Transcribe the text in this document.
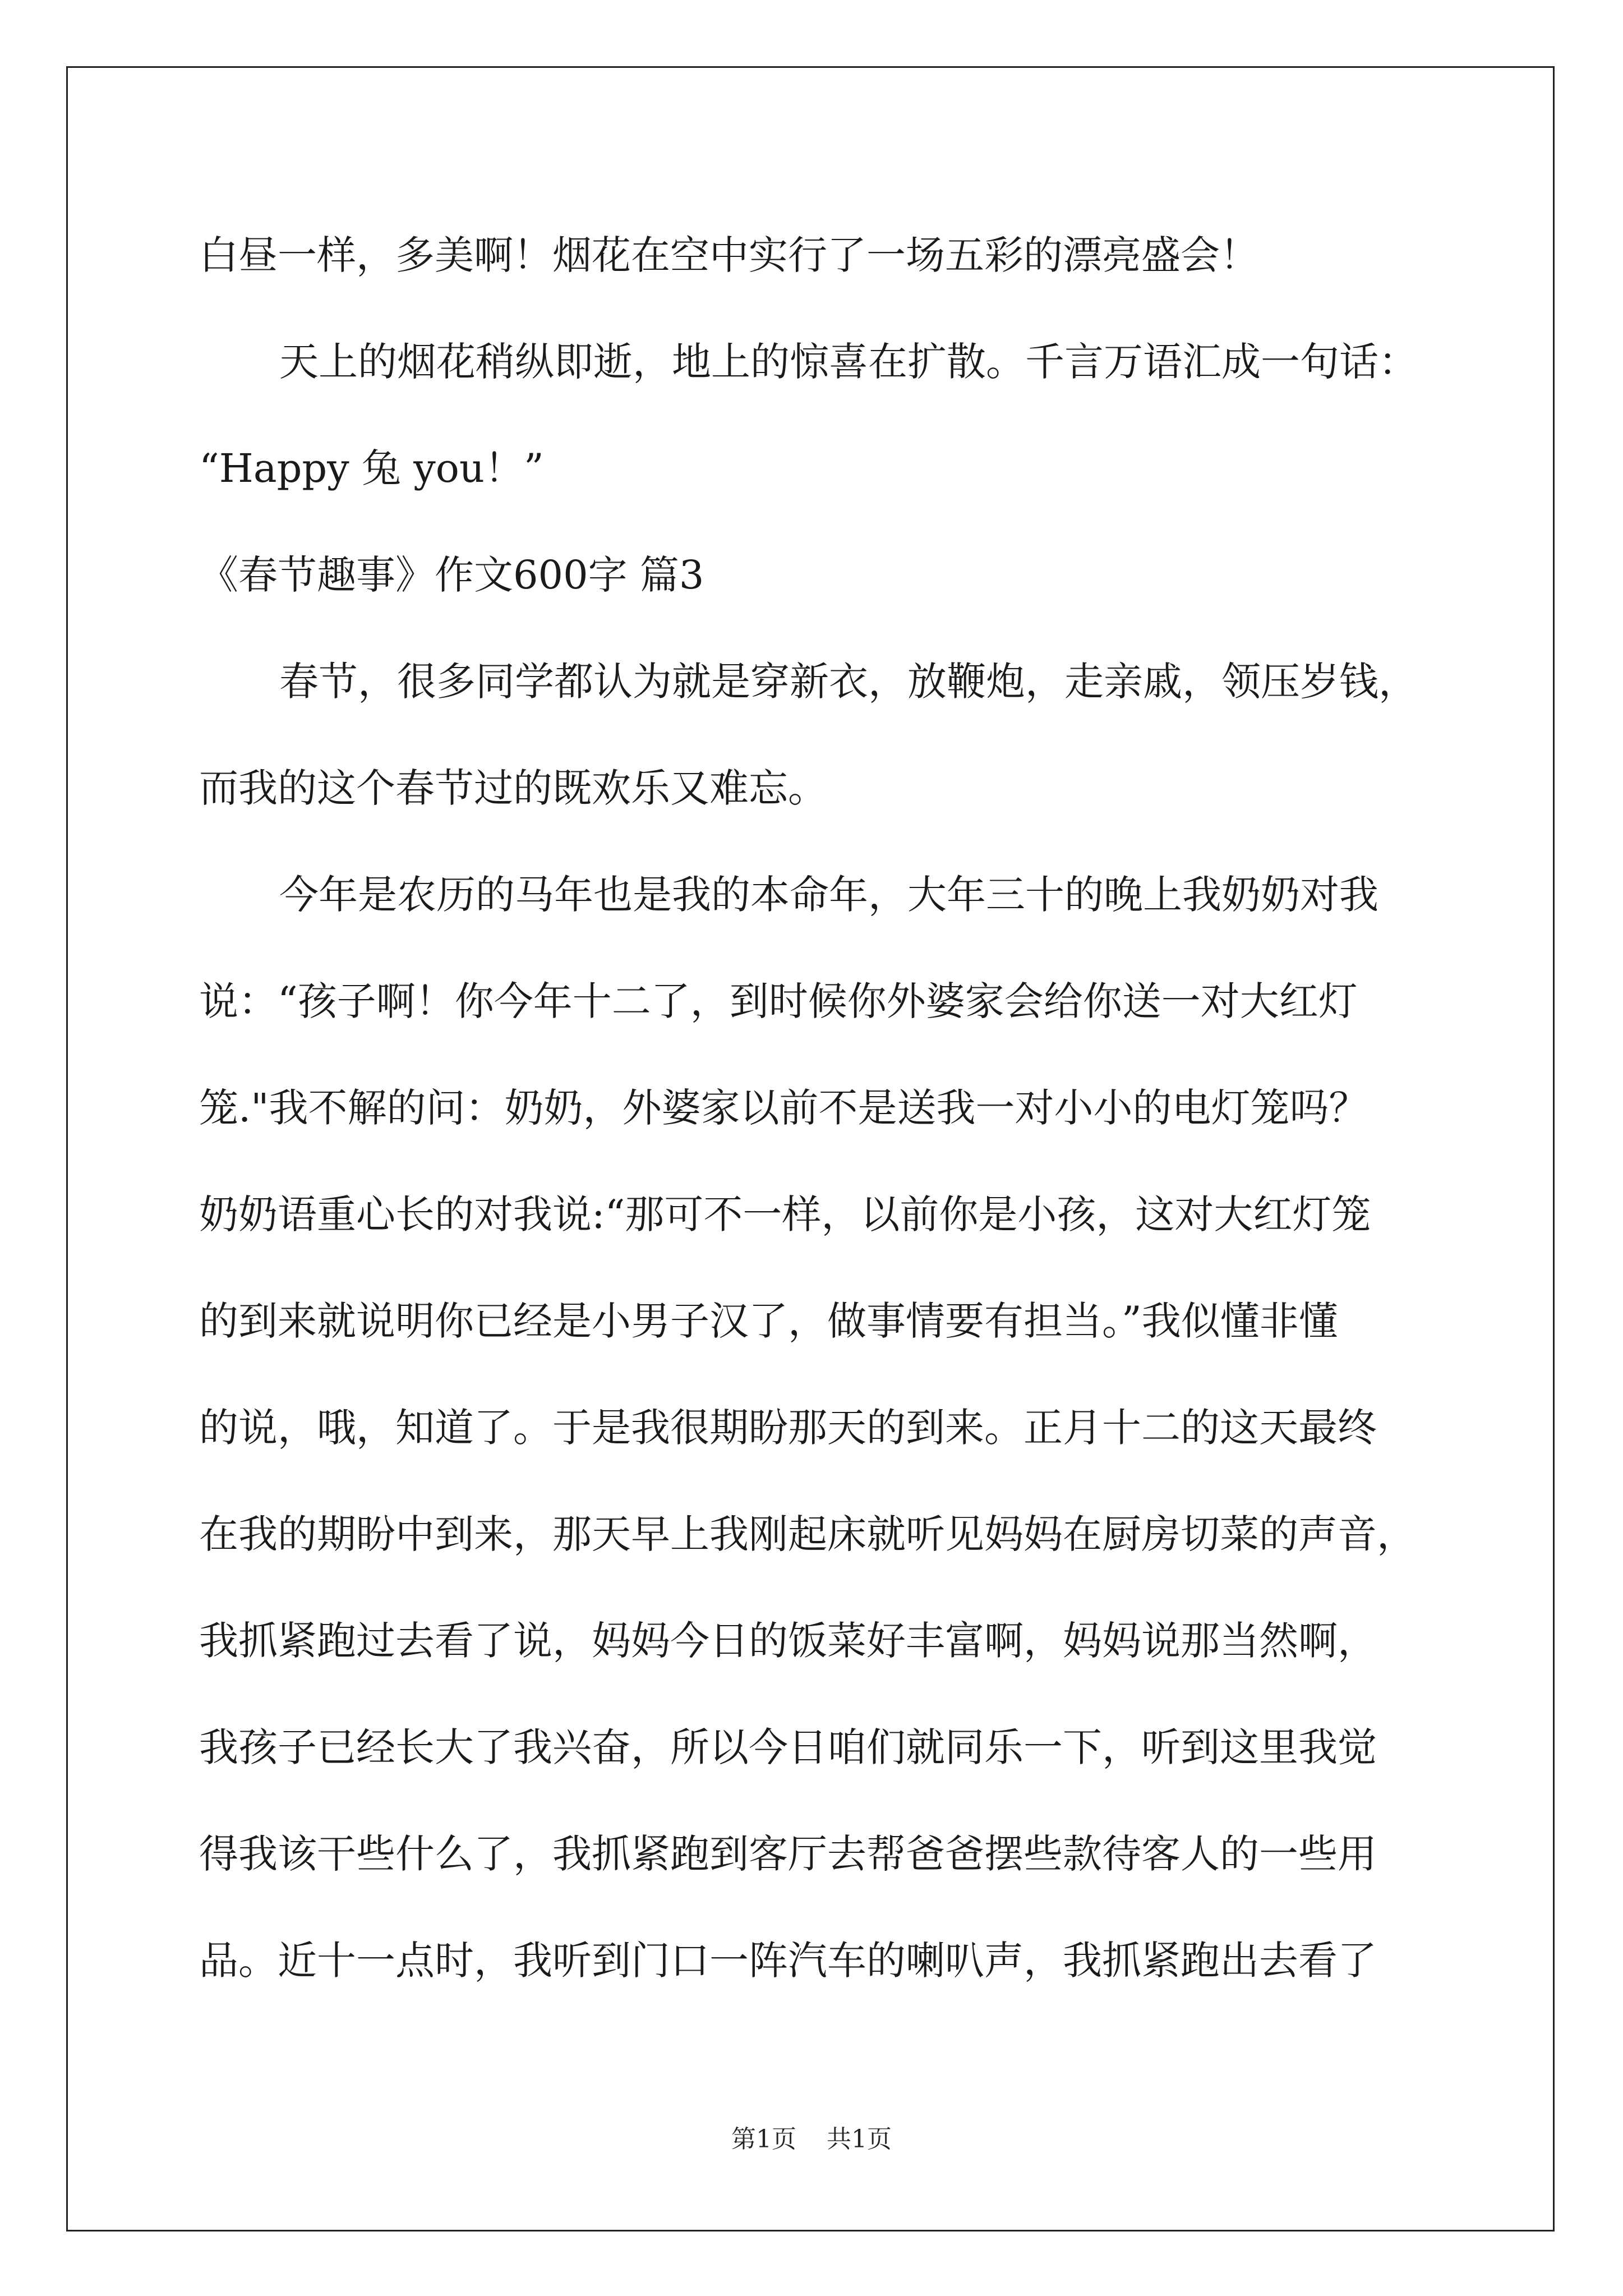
白昼一样，多美啊！烟花在空中实行了一场五彩的漂亮盛会！
天上的烟花稍纵即逝，地上的惊喜在扩散。千言万语汇成一句话：
“Happy 兔 you！”
《春节趣事》作文600字 篇3
春节，很多同学都认为就是穿新衣，放鞭炮，走亲戚，领压岁钱，
而我的这个春节过的既欢乐又难忘。
今年是农历的马年也是我的本命年，大年三十的晚上我奶奶对我
说：“孩子啊！你今年十二了，到时候你外婆家会给你送一对大红灯
笼."我不解的问：奶奶，外婆家以前不是送我一对小小的电灯笼吗？
奶奶语重心长的对我说:“那可不一样，以前你是小孩，这对大红灯笼
的到来就说明你已经是小男子汉了，做事情要有担当。”我似懂非懂
的说，哦，知道了。于是我很期盼那天的到来。正月十二的这天最终
在我的期盼中到来，那天早上我刚起床就听见妈妈在厨房切菜的声音，
我抓紧跑过去看了说，妈妈今日的饭菜好丰富啊，妈妈说那当然啊，
我孩子已经长大了我兴奋，所以今日咱们就同乐一下，听到这里我觉
得我该干些什么了，我抓紧跑到客厅去帮爸爸摆些款待客人的一些用
品。近十一点时，我听到门口一阵汽车的喇叭声，我抓紧跑出去看了
第1页 共1页
